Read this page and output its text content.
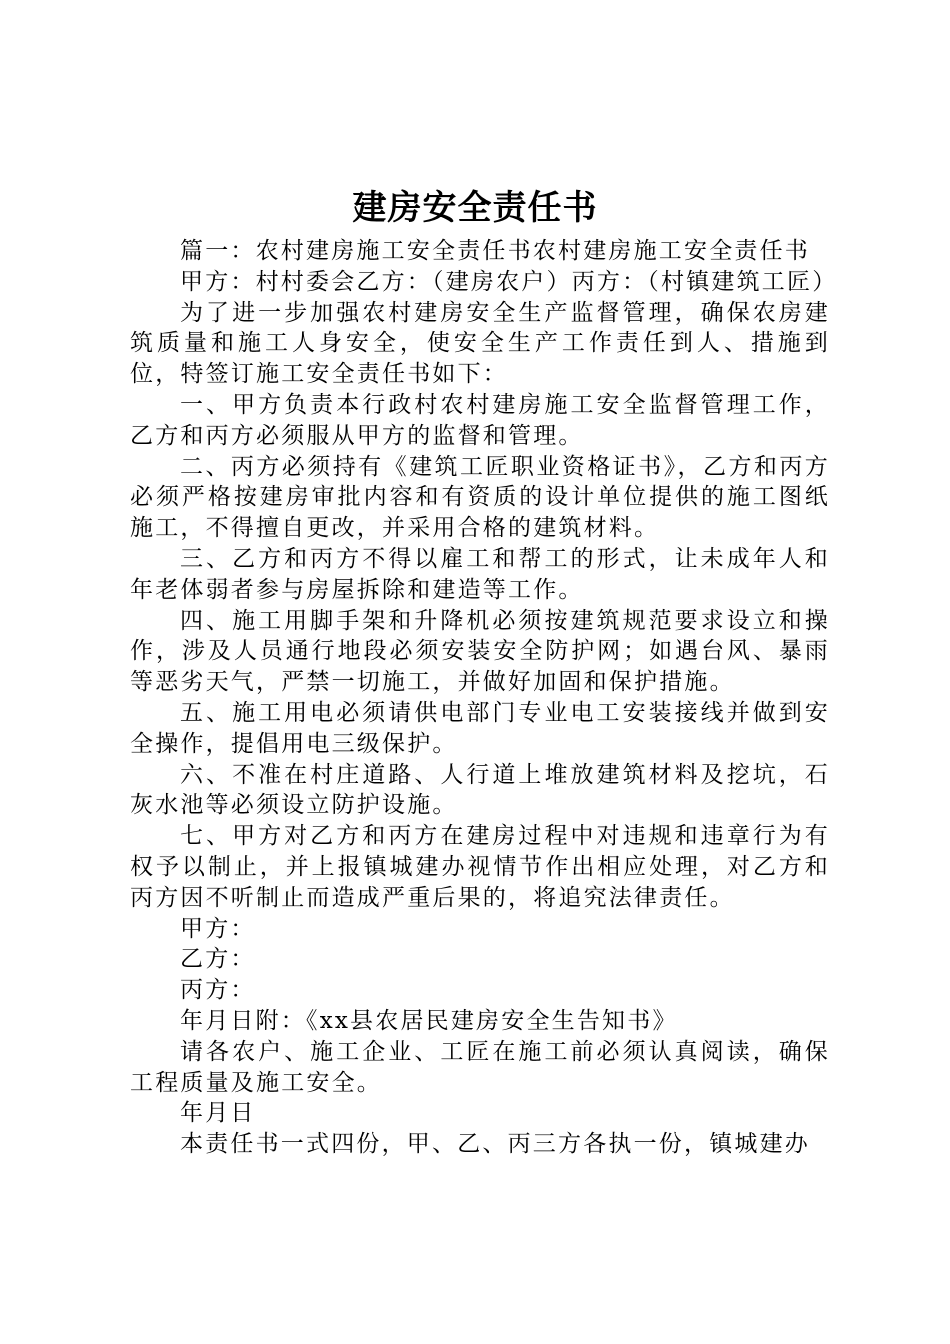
建房安全责任书

篇一：农村建房施工安全责任书农村建房施工安全责任书

甲方：村村委会乙方：（建房农户）丙方：（村镇建筑工匠）

为了进一步加强农村建房安全生产监督管理，确保农房建筑质量和施工人身安全，使安全生产工作责任到人、措施到位，特签订施工安全责任书如下：

一、甲方负责本行政村农村建房施工安全监督管理工作，乙方和丙方必须服从甲方的监督和管理。

二、丙方必须持有《建筑工匠职业资格证书》，乙方和丙方必须严格按建房审批内容和有资质的设计单位提供的施工图纸施工，不得擅自更改，并采用合格的建筑材料。

三、乙方和丙方不得以雇工和帮工的形式，让未成年人和年老体弱者参与房屋拆除和建造等工作。

四、施工用脚手架和升降机必须按建筑规范要求设立和操作，涉及人员通行地段必须安装安全防护网；如遇台风、暴雨等恶劣天气，严禁一切施工，并做好加固和保护措施。

五、施工用电必须请供电部门专业电工安装接线并做到安全操作，提倡用电三级保护。

六、不准在村庄道路、人行道上堆放建筑材料及挖坑，石灰水池等必须设立防护设施。

七、甲方对乙方和丙方在建房过程中对违规和违章行为有权予以制止，并上报镇城建办视情节作出相应处理，对乙方和丙方因不听制止而造成严重后果的，将追究法律责任。

甲方：

乙方：

丙方：

年月日附：《xx县农居民建房安全生告知书》

请各农户、施工企业、工匠在施工前必须认真阅读，确保工程质量及施工安全。

年月日

本责任书一式四份，甲、乙、丙三方各执一份，镇城建办
